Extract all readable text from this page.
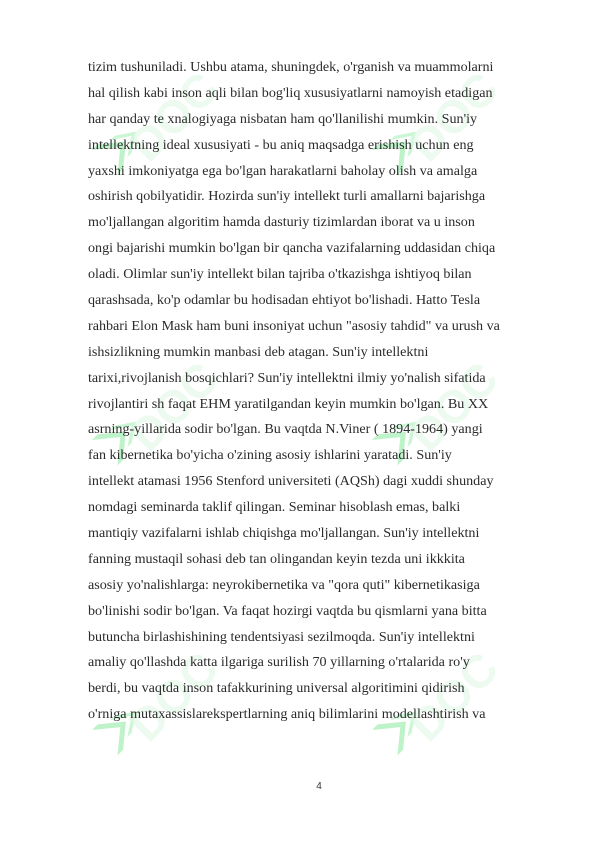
DOC	DOC
DOC	DOC
DOC	DOC
tizim tushuniladi. Ushbu atama, shuningdek, o'rganish va muammolarni
hal qilish kabi inson aqli bilan bog'liq xususiyatlarni namoyish etadigan
har qanday te xnalogiyaga nisbatan ham qo'llanilishi mumkin. Sun'iy
intellektning ideal xususiyati - bu aniq maqsadga erishish uchun eng
yaxshi imkoniyatga ega bo'lgan harakatlarni baholay olish va amalga
oshirish qobilyatidir. Hozirda sun'iy intellekt turli amallarni bajarishga
mo'ljallangan algoritim hamda dasturiy tizimlardan iborat va u inson
ongi bajarishi mumkin bo'lgan bir qancha vazifalarning uddasidan chiqa
oladi. Olimlar sun'iy intellekt bilan tajriba o'tkazishga ishtiyoq bilan
qarashsada, ko'p odamlar bu hodisadan ehtiyot bo'lishadi. Hatto Tesla
rahbari Elon Mask ham buni insoniyat uchun "asosiy tahdid" va urush va
ishsizlikning mumkin manbasi deb atagan. Sun'iy intellektni
tarixi,rivojlanish bosqichlari? Sun'iy intellektni ilmiy yo'nalish sifatida
rivojlantiri sh faqat EHM yaratilgandan keyin mumkin bo'lgan. Bu XX
asrning-yillarida sodir bo'lgan. Bu vaqtda N.Viner ( 1894-1964) yangi
fan kibernetika bo'yicha o'zining asosiy ishlarini yaratadi. Sun'iy
intellekt atamasi 1956 Stenford universiteti (AQSh) dagi xuddi shunday
nomdagi seminarda taklif qilingan. Seminar hisoblash emas, balki
mantiqiy vazifalarni ishlab chiqishga mo'ljallangan. Sun'iy intellektni
fanning mustaqil sohasi deb tan olingandan keyin tezda uni ikkkita
asosiy yo'nalishlarga: neyrokibernetika va "qora quti" kibernetikasiga
bo'linishi sodir bo'lgan. Va faqat hozirgi vaqtda bu qismlarni yana bitta
butuncha birlashishining tendentsiyasi sezilmoqda. Sun'iy intellektni
amaliy qo'llashda katta ilgariga surilish 70 yillarning o'rtalarida ro'y
berdi, bu vaqtda inson tafakkurining universal algoritimini qidirish
o'rniga mutaxassislarekspertlarning aniq bilimlarini modellashtirish va
4
